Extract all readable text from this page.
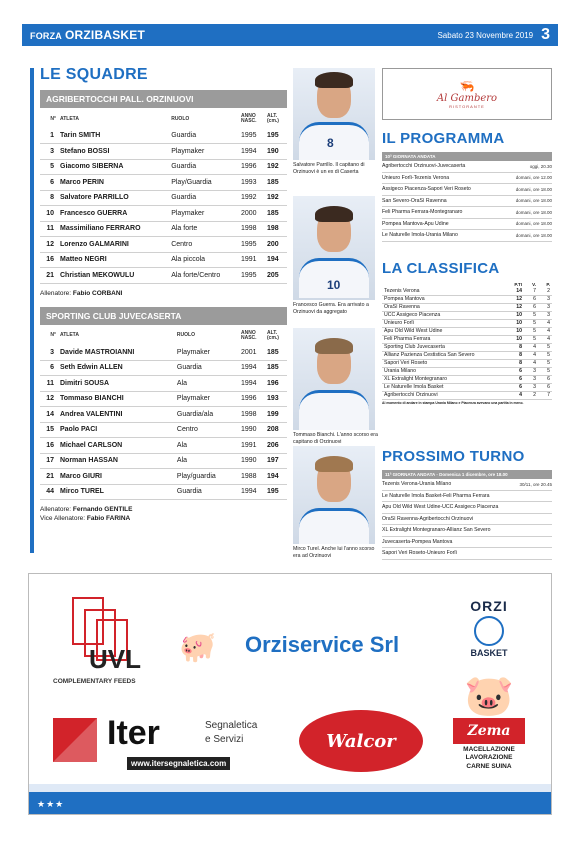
FORZA ORZIBASKET	Sabato 23 Novembre 2019 3
LE SQUADRE
AGRIBERTOCCHI PALL. ORZINUOVI
N°	ATLETA	RUOLO	ANNO NASC.	ALT. (cm.)
1	Tarin SMITH	Guardia	1995	195
3	Stefano BOSSI	Playmaker	1994	190
5	Giacomo SIBERNA	Guardia	1996	192
6	Marco PERIN	Play/Guardia	1993	185
8	Salvatore PARRILLO	Guardia	1992	192
10	Francesco GUERRA	Playmaker	2000	185
11	Massimiliano FERRARO	Ala forte	1998	198
12	Lorenzo GALMARINI	Centro	1995	200
16	Matteo NEGRI	Ala piccola	1991	194
21	Christian MEKOWULU	Ala forte/Centro	1995	205
Allenatore: Fabio CORBANI
SPORTING CLUB JUVECASERTA
N°	ATLETA	RUOLO	ANNO NASC.	ALT. (cm.)
3	Davide MASTROIANNI	Playmaker	2001	185
6	Seth Edwin ALLEN	Guardia	1994	185
11	Dimitri SOUSA	Ala	1994	196
12	Tommaso BIANCHI	Playmaker	1996	193
14	Andrea VALENTINI	Guardia/ala	1998	199
15	Paolo PACI	Centro	1990	208
16	Michael CARLSON	Ala	1991	206
17	Norman HASSAN	Ala	1990	197
21	Marco GIURI	Play/guardia	1988	194
44	Mirco TUREL	Guardia	1994	195
Allenatore: Fernando GENTILE
Vice Allenatore: Fabio FARINA
8
Salvatore Parrillo. Il capitano di Orzinuovi è un ex di Caserta
10
Francesco Guerra. Era arrivato a Orzinuovi da aggregato
Tommaso Bianchi. L'anno scorso era capitano di Orzinuovi
Mirco Turel. Anche lui l'anno scorso era ad Orzinuovi
🦐
Al Gambero
RISTORANTE
IL PROGRAMMA
10ª GIORNATA ANDATA
Agribertocchi Orzinuovi-Juvecaserta	oggi, 20.30
Unieuro Forlì-Tezenis Verona	domani, ore 12.00
Assigeco Piacenza-Sapori Veri Roseto	domani, ore 18.00
San Severo-OraSì Ravenna	domani, ore 18.00
Feli Pharma Ferrara-Montegranaro	domani, ore 18.00
Pompea Mantova-Apu Udine	domani, ore 18.00
Le Naturelle Imola-Urania Milano	domani, ore 18.00
LA CLASSIFICA
	P.TI	V.	P.
Tezenis Verona	14	7	2
Pompea Mantova	12	6	3
OraSì Ravenna	12	6	3
UCC Assigeco Piacenza	10	5	3
Unieuro Forlì	10	5	4
Apu Old Wild West Udine	10	5	4
Feli Pharma Ferrara	10	5	4
Sporting Club Juvecaserta	8	4	5
Allianz Pazienza Cestistica San Severo	8	4	5
Sapori Veri Roseto	8	4	5
Urania Milano	6	3	5
XL Extralight Montegranaro	6	3	6
Le Naturelle Imola Basket	6	3	6
Agribertocchi Orzinuovi	4	2	7
Al momento di andare in stampa Urania Milano e Piacenza avevano una partita in meno.
PROSSIMO TURNO
11ª GIORNATA ANDATA - Domenica 1 dicembre, ore 18.00
Tezenis Verona-Urania Milano	30/11, ore 20.45
Le Naturelle Imola Basket-Feli Pharma Ferrara
Apu Old Wild West Udine-UCC Assigeco Piacenza
OraSì Ravenna-Agribertocchi Orzinuovi
XL Extralight Montegranaro-Allianz San Severo
Juvecaserta-Pompea Mantova
Sapori Veri Roseto-Unieuro Forlì
UVL
COMPLEMENTARY FEEDS
🐖	Orziservice Srl
ORZI
BASKET
Iter	Segnaletica
e Servizi
www.itersegnaletica.com
Walcor
🐷
Zema
MACELLAZIONE
LAVORAZIONE
CARNE SUINA
★★★
